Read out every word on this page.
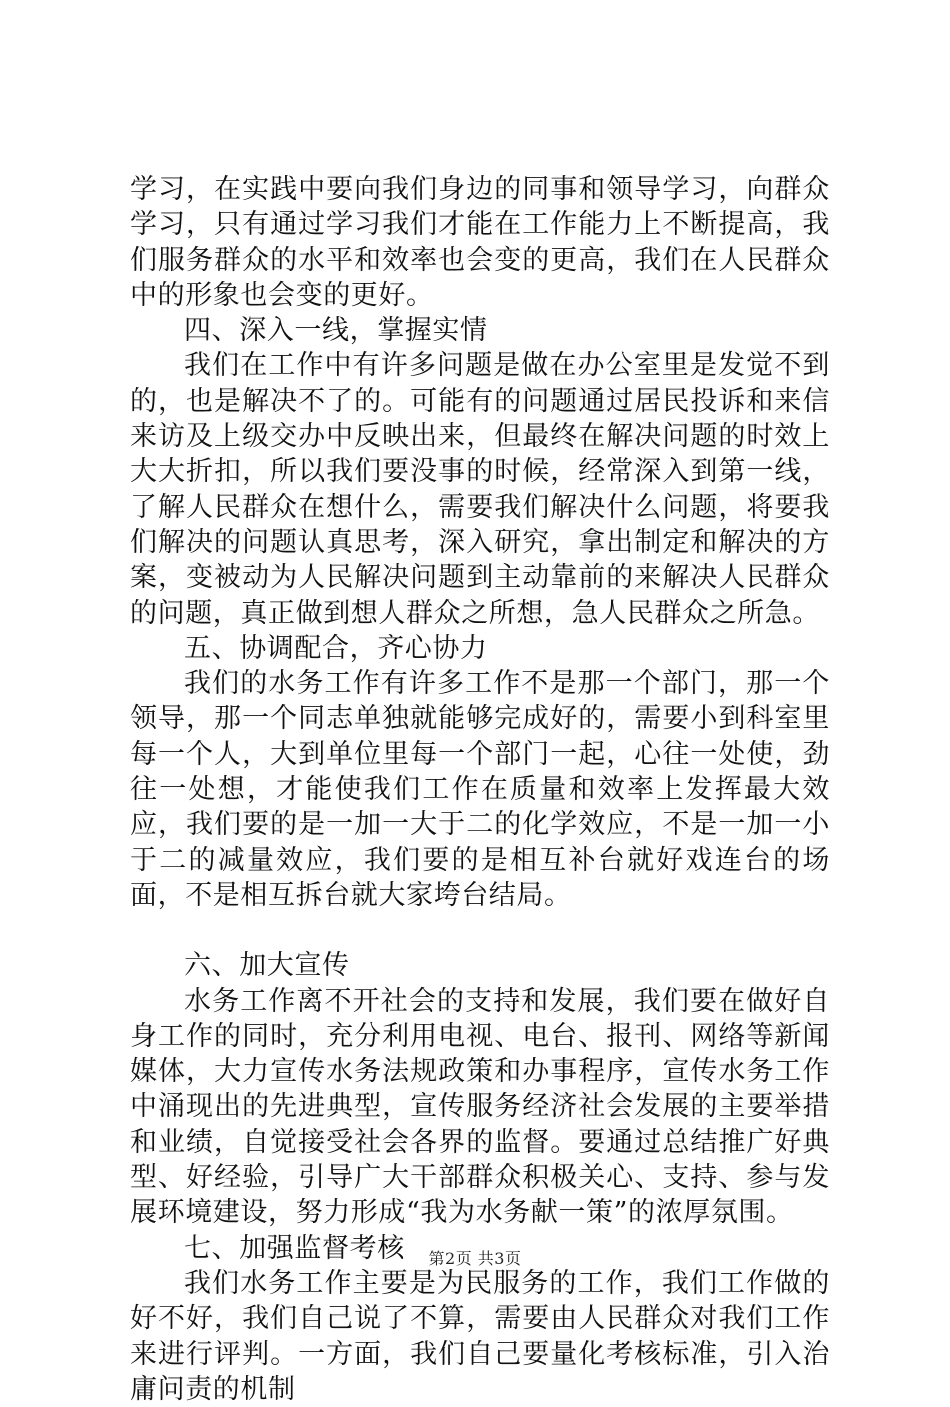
学习，在实践中要向我们身边的同事和领导学习，向群众学习，只有通过学习我们才能在工作能力上不断提高，我们服务群众的水平和效率也会变的更高，我们在人民群众中的形象也会变的更好。

四、深入一线，掌握实情

我们在工作中有许多问题是做在办公室里是发觉不到的，也是解决不了的。可能有的问题通过居民投诉和来信来访及上级交办中反映出来，但最终在解决问题的时效上大大折扣，所以我们要没事的时候，经常深入到第一线，了解人民群众在想什么，需要我们解决什么问题，将要我们解决的问题认真思考，深入研究，拿出制定和解决的方案，变被动为人民解决问题到主动靠前的来解决人民群众的问题，真正做到想人群众之所想，急人民群众之所急。

五、协调配合，齐心协力

我们的水务工作有许多工作不是那一个部门，那一个领导，那一个同志单独就能够完成好的，需要小到科室里每一个人，大到单位里每一个部门一起，心往一处使，劲往一处想，才能使我们工作在质量和效率上发挥最大效应，我们要的是一加一大于二的化学效应，不是一加一小于二的减量效应，我们要的是相互补台就好戏连台的场面，不是相互拆台就大家垮台结局。

六、加大宣传

水务工作离不开社会的支持和发展，我们要在做好自身工作的同时，充分利用电视、电台、报刊、网络等新闻媒体，大力宣传水务法规政策和办事程序，宣传水务工作中涌现出的先进典型，宣传服务经济社会发展的主要举措和业绩，自觉接受社会各界的监督。要通过总结推广好典型、好经验，引导广大干部群众积极关心、支持、参与发展环境建设，努力形成“我为水务献一策”的浓厚氛围。

七、加强监督考核

我们水务工作主要是为民服务的工作，我们工作做的好不好，我们自己说了不算，需要由人民群众对我们工作来进行评判。一方面，我们自己要量化考核标准，引入治庸问责的机制

第2页 共3页
